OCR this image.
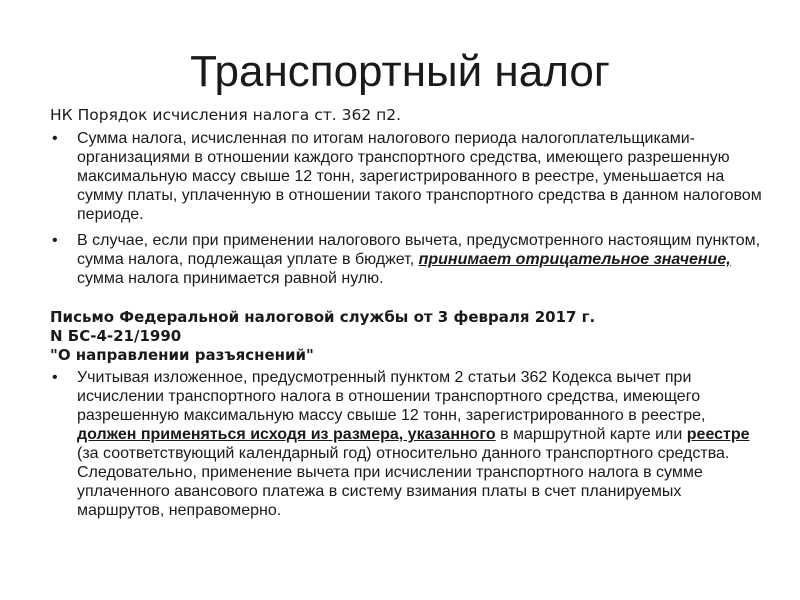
Транспортный налог
НК Порядок исчисления налога ст. 362 п2.
• Сумма налога, исчисленная по итогам налогового периода налогоплательщиками-организациями в отношении каждого транспортного средства, имеющего разрешенную максимальную массу свыше 12 тонн, зарегистрированного в реестре, уменьшается на сумму платы, уплаченную в отношении такого транспортного средства в данном налоговом периоде.
• В случае, если при применении налогового вычета, предусмотренного настоящим пунктом, сумма налога, подлежащая уплате в бюджет, принимает отрицательное значение, сумма налога принимается равной нулю.
Письмо Федеральной налоговой службы от 3 февраля 2017 г.
N БС-4-21/1990
"О направлении разъяснений"
• Учитывая изложенное, предусмотренный пунктом 2 статьи 362 Кодекса вычет при исчислении транспортного налога в отношении транспортного средства, имеющего разрешенную максимальную массу свыше 12 тонн, зарегистрированного в реестре, должен применяться исходя из размера, указанного в маршрутной карте или реестре (за соответствующий календарный год) относительно данного транспортного средства. Следовательно, применение вычета при исчислении транспортного налога в сумме уплаченного авансового платежа в систему взимания платы в счет планируемых маршрутов, неправомерно.
